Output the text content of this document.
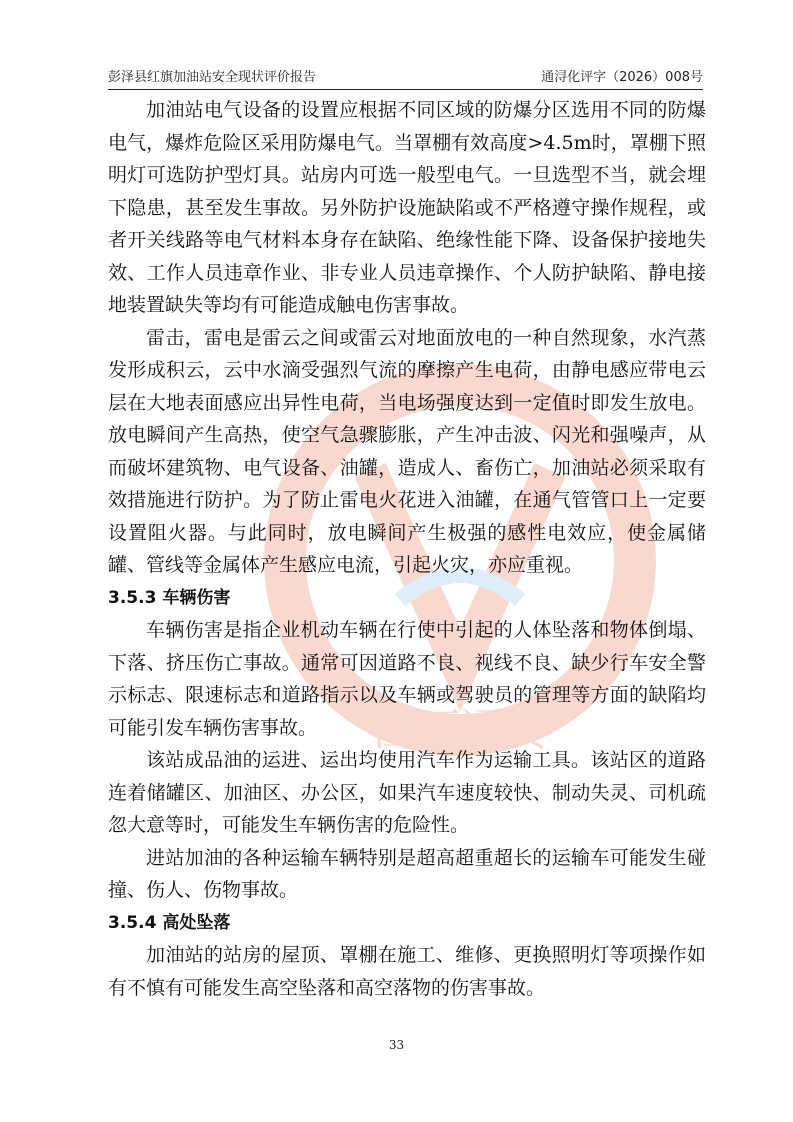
彭泽县红旗加油站安全现状评价报告	通浔化评字（2026）008号
江西通安

加油站电气设备的设置应根据不同区域的防爆分区选用不同的防爆电气，爆炸危险区采用防爆电气。当罩棚有效高度>4.5m时，罩棚下照明灯可选防护型灯具。站房内可选一般型电气。一旦选型不当，就会埋下隐患，甚至发生事故。另外防护设施缺陷或不严格遵守操作规程，或者开关线路等电气材料本身存在缺陷、绝缘性能下降、设备保护接地失效、工作人员违章作业、非专业人员违章操作、个人防护缺陷、静电接地装置缺失等均有可能造成触电伤害事故。

雷击，雷电是雷云之间或雷云对地面放电的一种自然现象，水汽蒸发形成积云，云中水滴受强烈气流的摩擦产生电荷，由静电感应带电云层在大地表面感应出异性电荷，当电场强度达到一定值时即发生放电。放电瞬间产生高热，使空气急骤膨胀，产生冲击波、闪光和强噪声，从而破坏建筑物、电气设备、油罐，造成人、畜伤亡，加油站必须采取有效措施进行防护。为了防止雷电火花进入油罐，在通气管管口上一定要设置阻火器。与此同时，放电瞬间产生极强的感性电效应，使金属储罐、管线等金属体产生感应电流，引起火灾，亦应重视。

3.5.3 车辆伤害

车辆伤害是指企业机动车辆在行使中引起的人体坠落和物体倒塌、下落、挤压伤亡事故。通常可因道路不良、视线不良、缺少行车安全警示标志、限速标志和道路指示以及车辆或驾驶员的管理等方面的缺陷均可能引发车辆伤害事故。

该站成品油的运进、运出均使用汽车作为运输工具。该站区的道路连着储罐区、加油区、办公区，如果汽车速度较快、制动失灵、司机疏忽大意等时，可能发生车辆伤害的危险性。

进站加油的各种运输车辆特别是超高超重超长的运输车可能发生碰撞、伤人、伤物事故。

3.5.4 高处坠落

加油站的站房的屋顶、罩棚在施工、维修、更换照明灯等项操作如有不慎有可能发生高空坠落和高空落物的伤害事故。

33
